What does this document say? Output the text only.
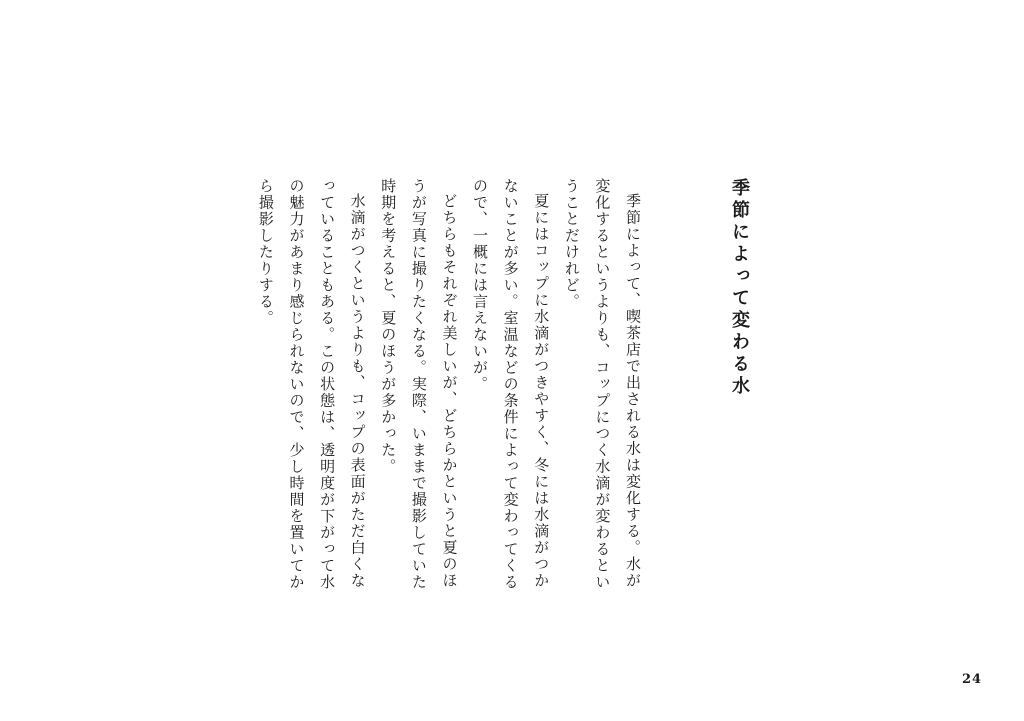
季節によって変わる水

季節によって、喫茶店で出される水は変化する。水が変化するというよりも、コップにつく水滴が変わるということだけれど。

夏にはコップに水滴がつきやすく、冬には水滴がつかないことが多い。室温などの条件によって変わってくるので、一概には言えないが。

どちらもそれぞれ美しいが、どちらかというと夏のほうが写真に撮りたくなる。実際、いままで撮影していた時期を考えると、夏のほうが多かった。

水滴がつくというよりも、コップの表面がただ白くなっていることもある。この状態は、透明度が下がって水の魅力があまり感じられないので、少し時間を置いてから撮影したりする。

24
